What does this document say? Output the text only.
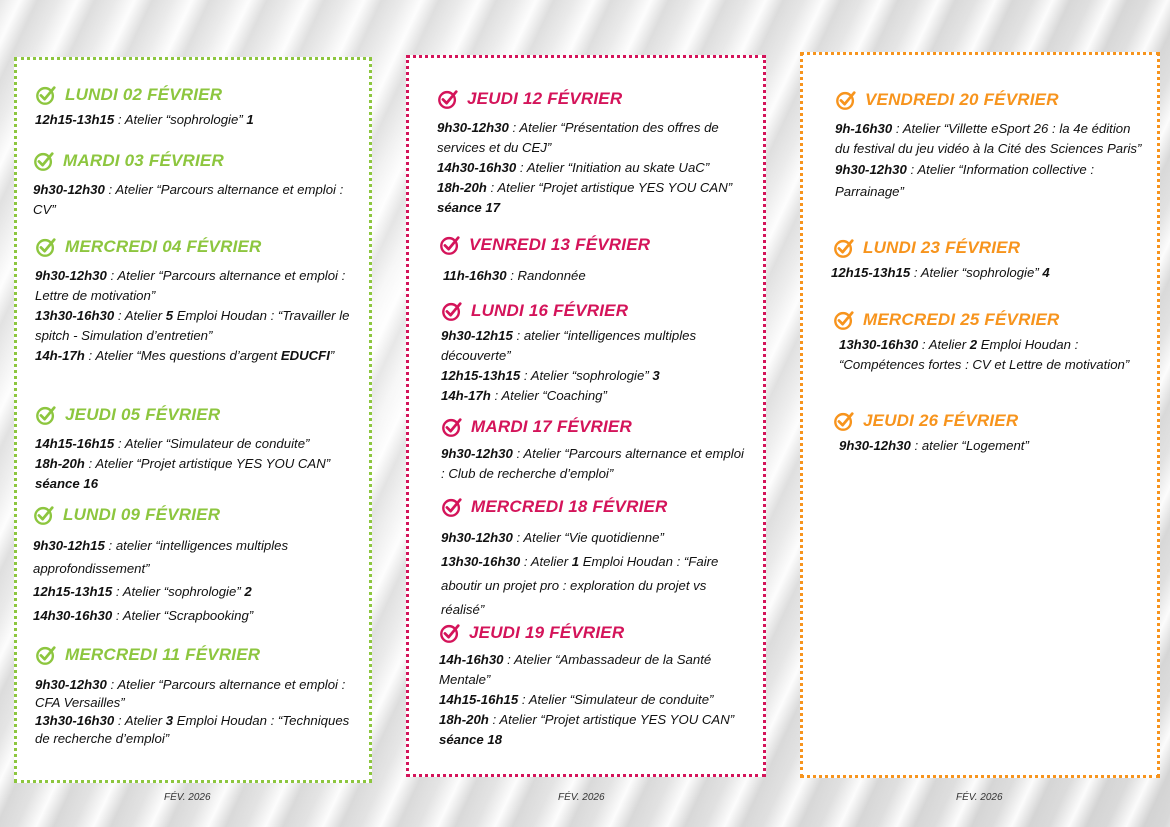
LUNDI 02 FÉVRIER
12h15-13h15 : Atelier “sophrologie” 1
MARDI 03 FÉVRIER
9h30-12h30 : Atelier “Parcours alternance et emploi : CV”
MERCREDI 04 FÉVRIER
9h30-12h30 : Atelier “Parcours alternance et emploi : Lettre de motivation”
13h30-16h30 : Atelier 5 Emploi Houdan : “Travailler le spitch - Simulation d’entretien”
14h-17h : Atelier “Mes questions d’argent EDUCFI”
JEUDI 05 FÉVRIER
14h15-16h15 : Atelier “Simulateur de conduite”
18h-20h : Atelier “Projet artistique YES YOU CAN” séance 16
LUNDI 09 FÉVRIER
9h30-12h15 : atelier “intelligences multiples approfondissement”
12h15-13h15 : Atelier “sophrologie” 2
14h30-16h30 : Atelier “Scrapbooking”
MERCREDI 11 FÉVRIER
9h30-12h30 : Atelier “Parcours alternance et emploi : CFA Versailles”
13h30-16h30 : Atelier 3 Emploi Houdan : “Techniques de recherche d’emploi”
JEUDI 12 FÉVRIER
9h30-12h30 : Atelier “Présentation des offres de services et du CEJ”
14h30-16h30 : Atelier “Initiation au skate UaC”
18h-20h : Atelier “Projet artistique YES YOU CAN” séance 17
VENREDI 13 FÉVRIER
11h-16h30 : Randonnée
LUNDI 16 FÉVRIER
9h30-12h15 : atelier “intelligences multiples découverte”
12h15-13h15 : Atelier “sophrologie” 3
14h-17h : Atelier “Coaching”
MARDI 17 FÉVRIER
9h30-12h30 : Atelier “Parcours alternance et emploi : Club de recherche d’emploi”
MERCREDI 18 FÉVRIER
9h30-12h30 : Atelier “Vie quotidienne”
13h30-16h30 : Atelier 1 Emploi Houdan : “Faire aboutir un projet pro : exploration du projet vs réalisé”
JEUDI 19 FÉVRIER
14h-16h30 : Atelier “Ambassadeur de la Santé Mentale”
14h15-16h15 : Atelier “Simulateur de conduite”
18h-20h : Atelier “Projet artistique YES YOU CAN” séance 18
VENDREDI 20 FÉVRIER
9h-16h30 : Atelier “Villette eSport 26 : la 4e édition du festival du jeu vidéo à la Cité des Sciences Paris”
9h30-12h30 : Atelier “Information collective : Parrainage”
LUNDI 23 FÉVRIER
12h15-13h15 : Atelier “sophrologie” 4
MERCREDI 25 FÉVRIER
13h30-16h30 : Atelier 2 Emploi Houdan : “Compétences fortes : CV et Lettre de motivation”
JEUDI 26 FÉVRIER
9h30-12h30 : atelier “Logement”
FÉV. 2026	FÉV. 2026	FÉV. 2026
